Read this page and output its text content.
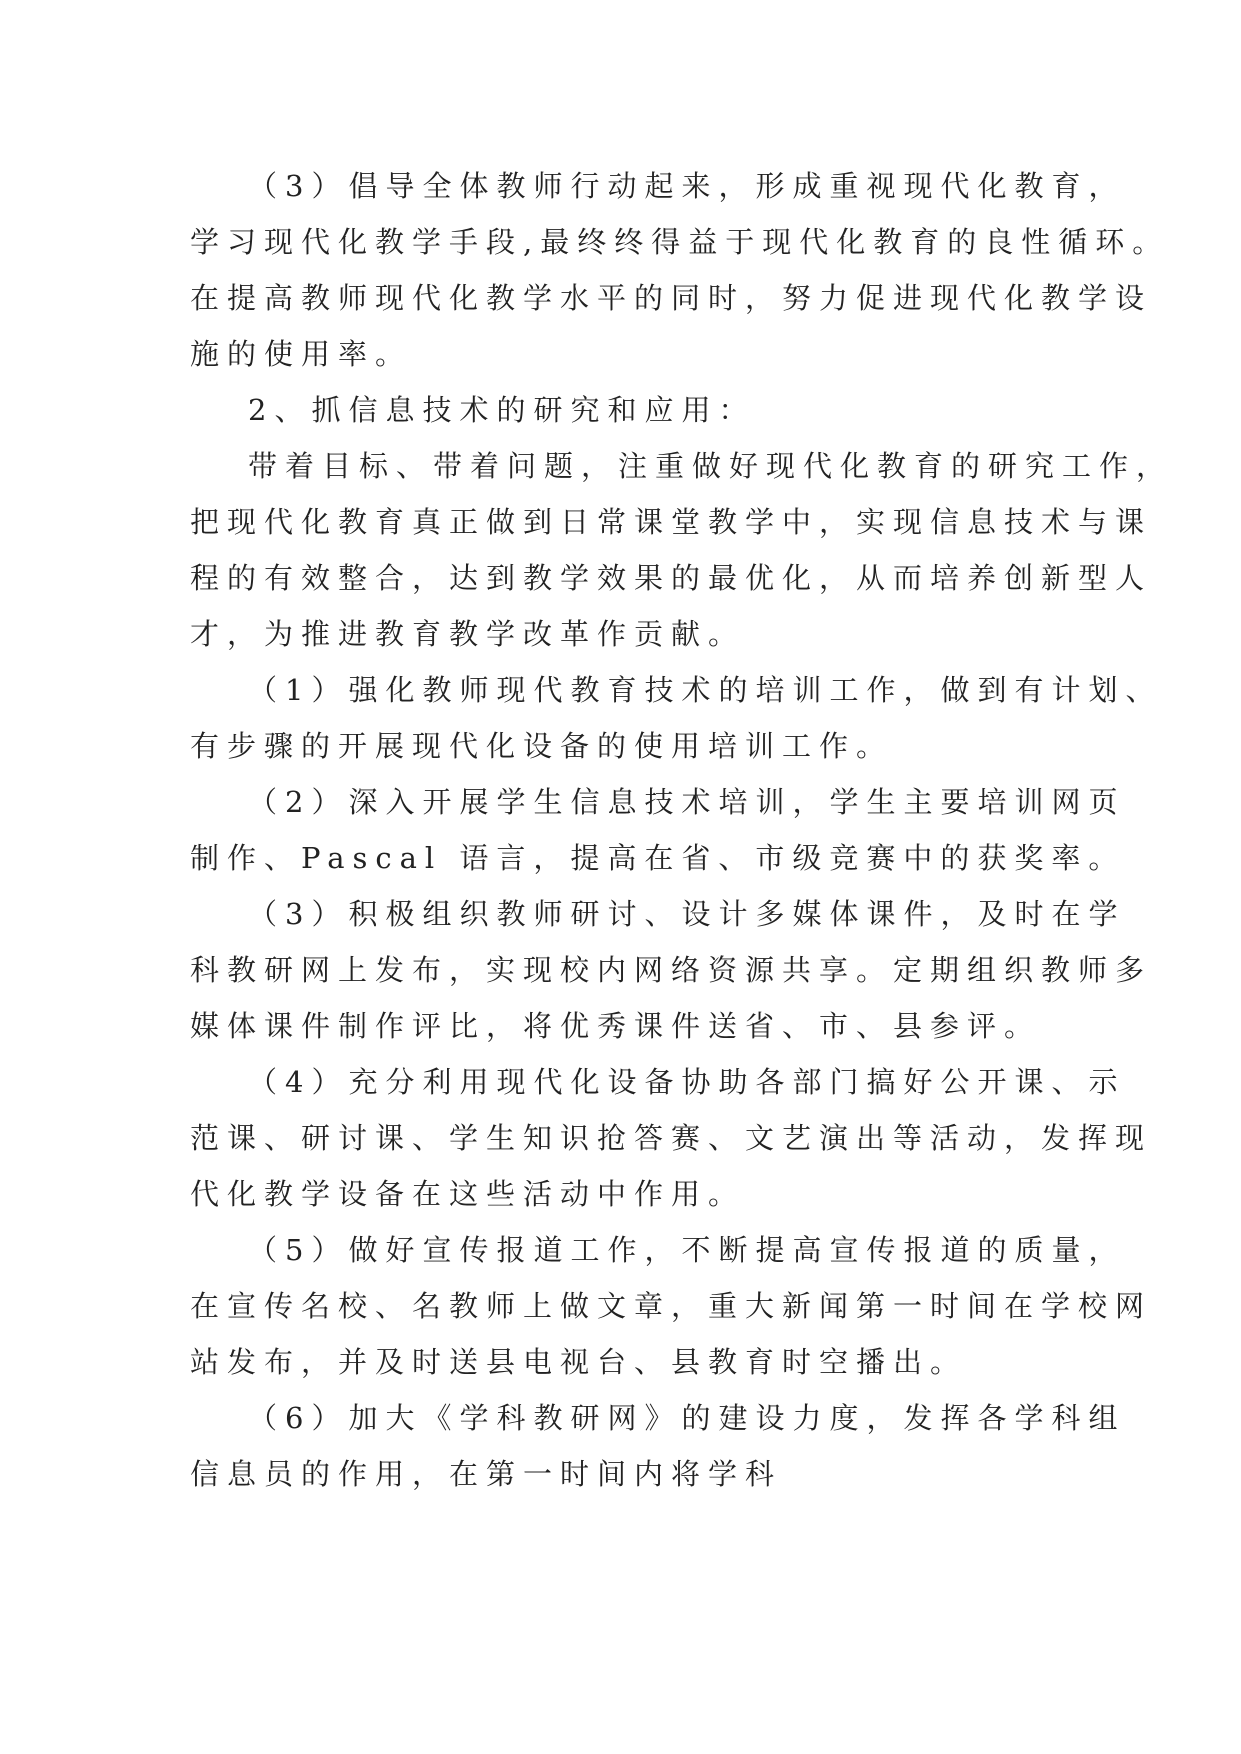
（3）倡导全体教师行动起来，形成重视现代化教育，
学习现代化教学手段,最终终得益于现代化教育的良性循环。
在提高教师现代化教学水平的同时，努力促进现代化教学设
施的使用率。
2、抓信息技术的研究和应用：
带着目标、带着问题，注重做好现代化教育的研究工作，
把现代化教育真正做到日常课堂教学中，实现信息技术与课
程的有效整合，达到教学效果的最优化，从而培养创新型人
才，为推进教育教学改革作贡献。
（1）强化教师现代教育技术的培训工作，做到有计划、
有步骤的开展现代化设备的使用培训工作。
（2）深入开展学生信息技术培训，学生主要培训网页
制作、Pascal 语言，提高在省、市级竞赛中的获奖率。
（3）积极组织教师研讨、设计多媒体课件，及时在学
科教研网上发布，实现校内网络资源共享。定期组织教师多
媒体课件制作评比，将优秀课件送省、市、县参评。
（4）充分利用现代化设备协助各部门搞好公开课、示
范课、研讨课、学生知识抢答赛、文艺演出等活动，发挥现
代化教学设备在这些活动中作用。
（5）做好宣传报道工作，不断提高宣传报道的质量，
在宣传名校、名教师上做文章，重大新闻第一时间在学校网
站发布，并及时送县电视台、县教育时空播出。
（6）加大《学科教研网》的建设力度，发挥各学科组
信息员的作用，在第一时间内将学科
